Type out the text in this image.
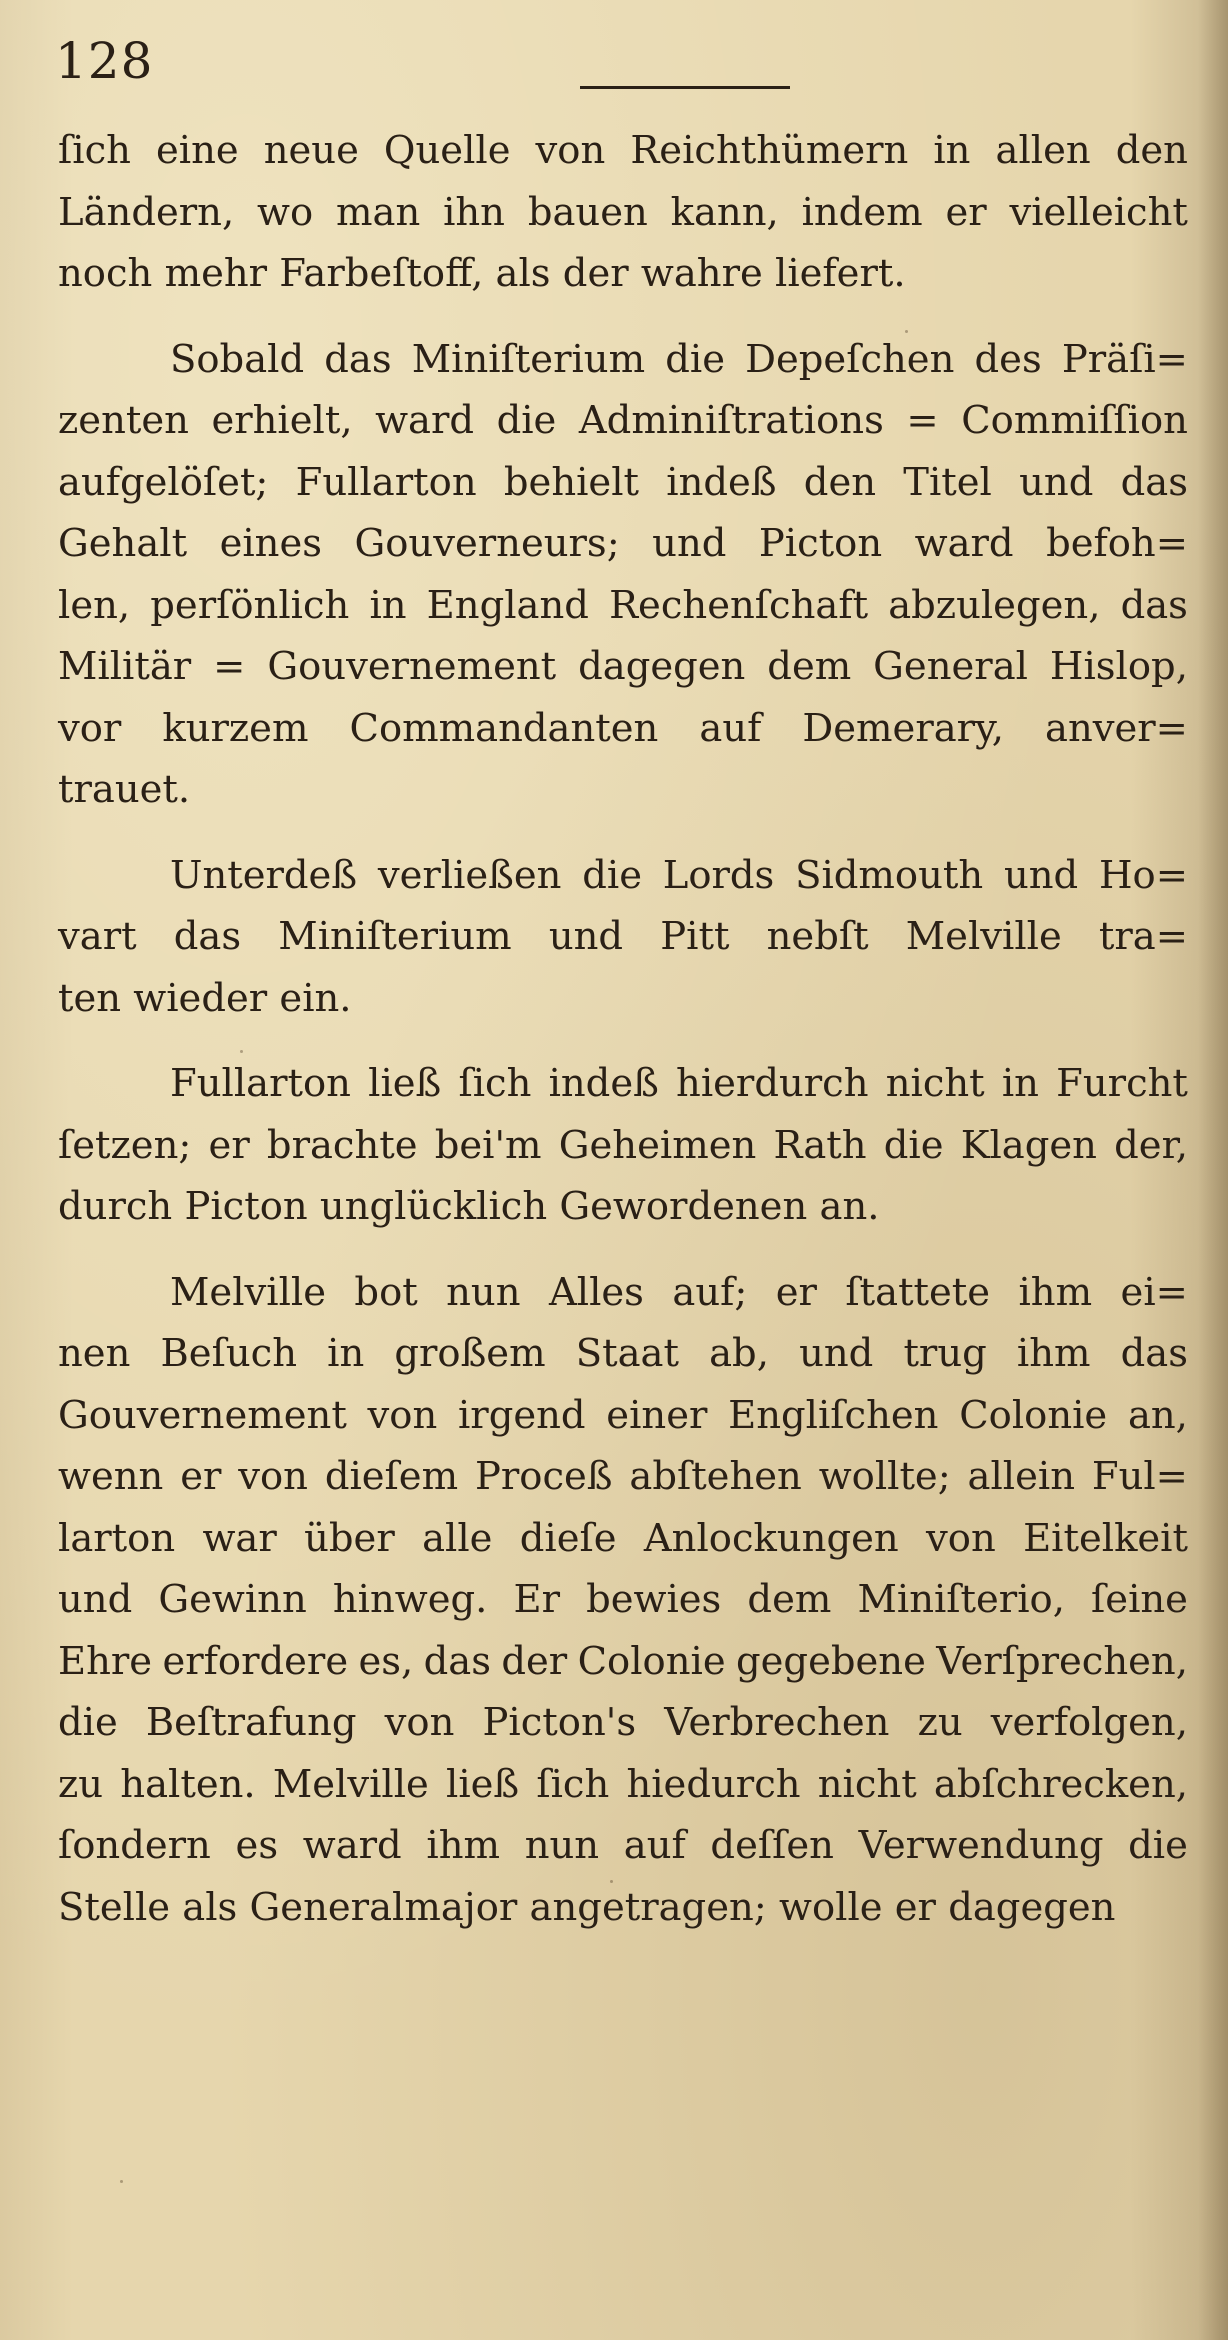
128
ſich eine neue Quelle von Reichthümern in allen den
Ländern, wo man ihn bauen kann, indem er vielleicht
noch mehr Farbeſtoff, als der wahre liefert.
Sobald das Miniſterium die Depeſchen des Präſi=
zenten erhielt, ward die Adminiſtrations = Commiſſion
aufgelöſet; Fullarton behielt indeß den Titel und das
Gehalt eines Gouverneurs; und Picton ward befoh=
len, perſönlich in England Rechenſchaft abzulegen, das
Militär = Gouvernement dagegen dem General Hislop,
vor kurzem Commandanten auf Demerary, anver=
trauet.
Unterdeß verließen die Lords Sidmouth und Ho=
vart das Miniſterium und Pitt nebſt Melville tra=
ten wieder ein.
Fullarton ließ ſich indeß hierdurch nicht in Furcht
ſetzen; er brachte bei'm Geheimen Rath die Klagen der,
durch Picton unglücklich Gewordenen an.
Melville bot nun Alles auf; er ſtattete ihm ei=
nen Beſuch in großem Staat ab, und trug ihm das
Gouvernement von irgend einer Engliſchen Colonie an,
wenn er von dieſem Proceß abſtehen wollte; allein Ful=
larton war über alle dieſe Anlockungen von Eitelkeit
und Gewinn hinweg. Er bewies dem Miniſterio, ſeine
Ehre erfordere es, das der Colonie gegebene Verſprechen,
die Beſtrafung von Picton's Verbrechen zu verfolgen,
zu halten. Melville ließ ſich hiedurch nicht abſchrecken,
ſondern es ward ihm nun auf deſſen Verwendung die
Stelle als Generalmajor angetragen; wolle er dagegen
